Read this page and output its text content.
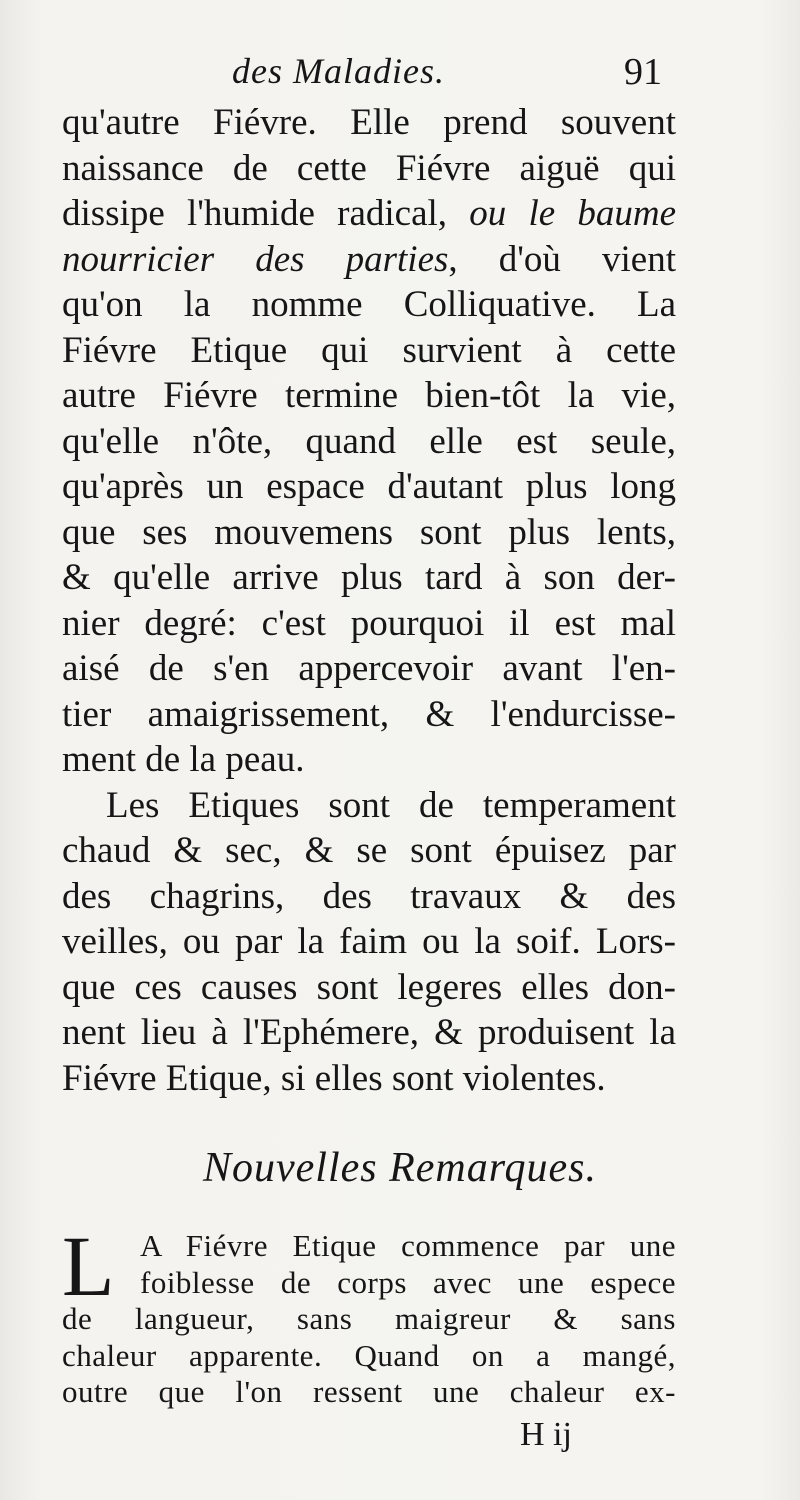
des Maladies.	91
qu'autre Fiévre. Elle prend souvent
naissance de cette Fiévre aiguë qui
dissipe l'humide radical, ou le baume
nourricier des parties, d'où vient
qu'on la nomme Colliquative. La
Fiévre Etique qui survient à cette
autre Fiévre termine bien-tôt la vie,
qu'elle n'ôte, quand elle est seule,
qu'après un espace d'autant plus long
que ses mouvemens sont plus lents,
& qu'elle arrive plus tard à son der-
nier degré: c'est pourquoi il est mal
aisé de s'en appercevoir avant l'en-
tier amaigrissement, & l'endurcisse-
ment de la peau.
Les Etiques sont de temperament
chaud & sec, & se sont épuisez par
des chagrins, des travaux & des
veilles, ou par la faim ou la soif. Lors-
que ces causes sont legeres elles don-
nent lieu à l'Ephémere, & produisent la
Fiévre Etique, si elles sont violentes.
Nouvelles Remarques.
L A Fiévre Etique commence par une
foiblesse de corps avec une espece
de langueur, sans maigreur & sans
chaleur apparente. Quand on a mangé,
outre que l'on ressent une chaleur ex-
H ij
